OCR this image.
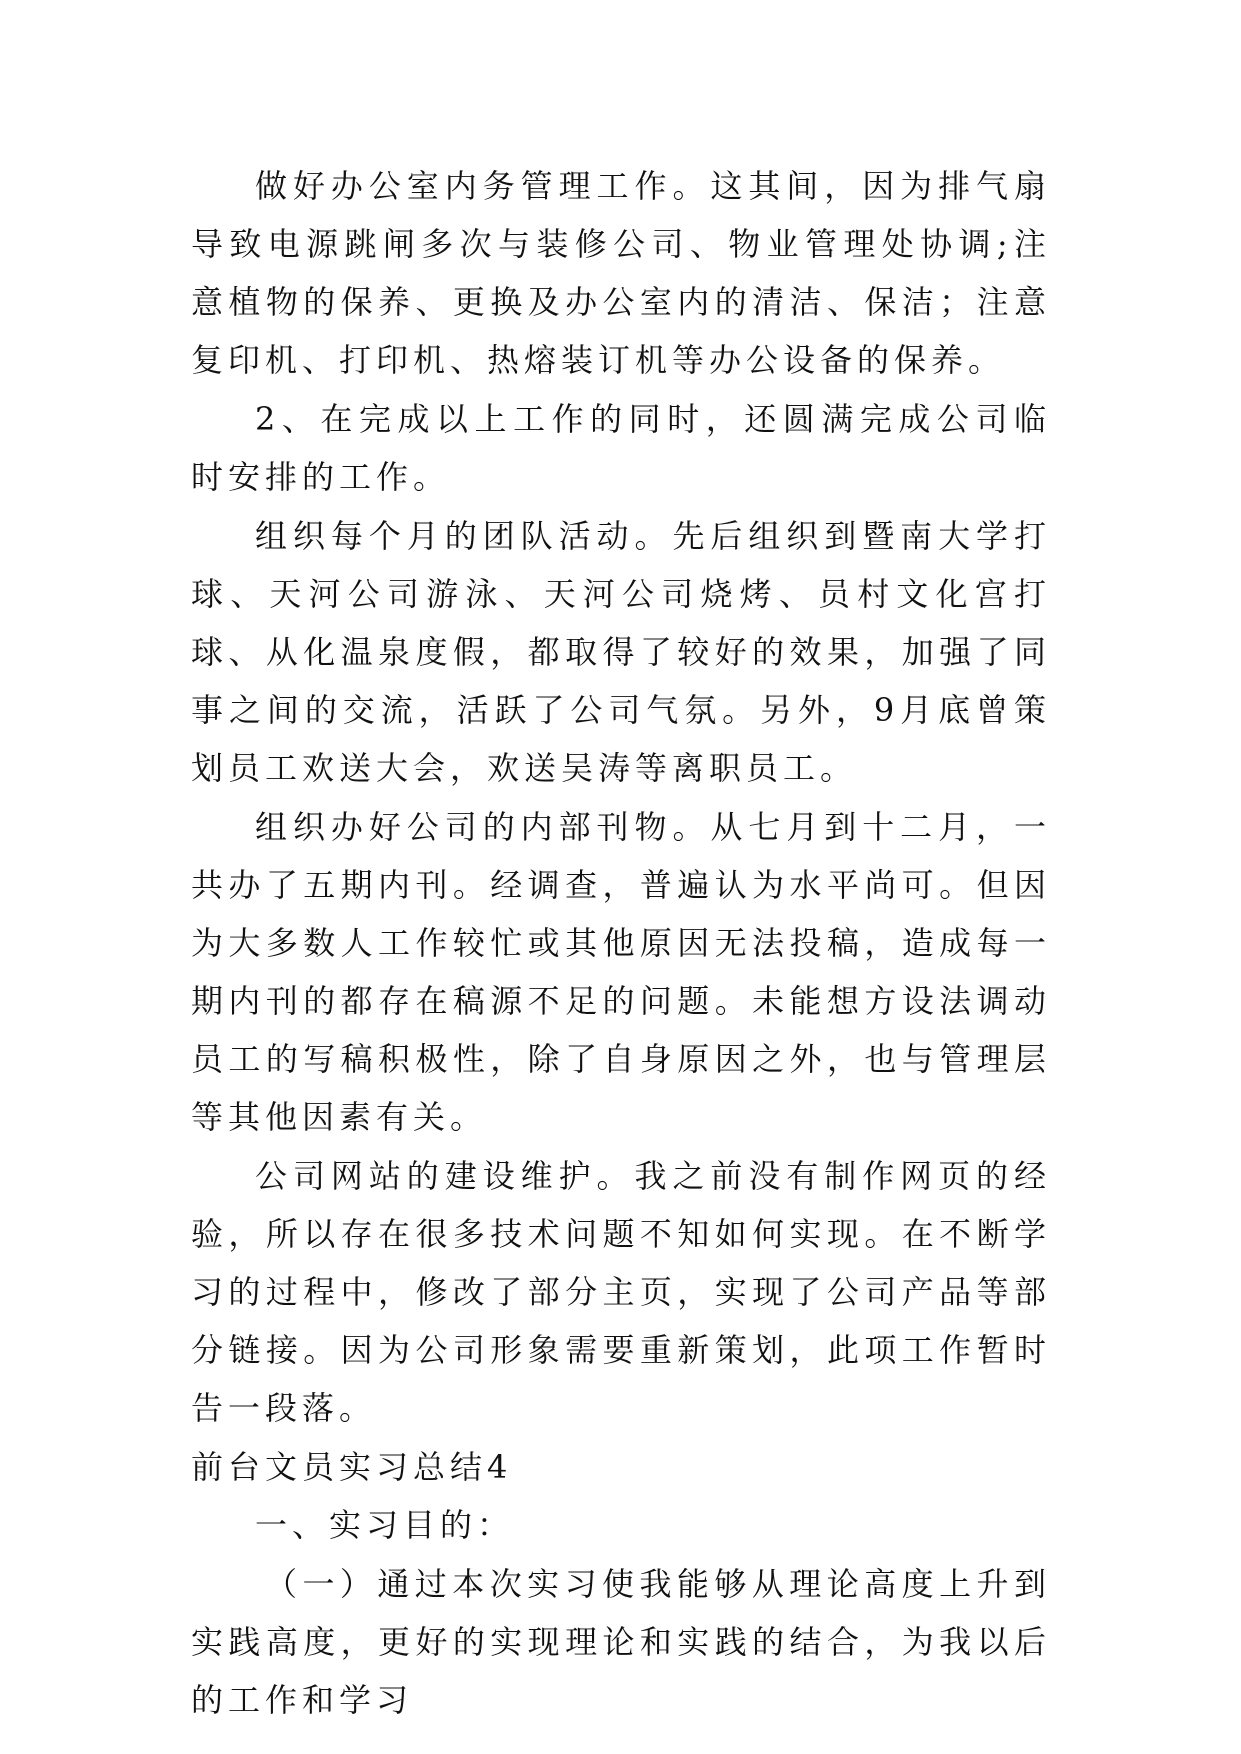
做好办公室内务管理工作。这其间，因为排气扇导致电源跳闸多次与装修公司、物业管理处协调;注意植物的保养、更换及办公室内的清洁、保洁；注意复印机、打印机、热熔装订机等办公设备的保养。

2、在完成以上工作的同时，还圆满完成公司临时安排的工作。

组织每个月的团队活动。先后组织到暨南大学打球、天河公司游泳、天河公司烧烤、员村文化宫打球、从化温泉度假，都取得了较好的效果，加强了同事之间的交流，活跃了公司气氛。另外，9月底曾策划员工欢送大会，欢送吴涛等离职员工。

组织办好公司的内部刊物。从七月到十二月，一共办了五期内刊。经调查，普遍认为水平尚可。但因为大多数人工作较忙或其他原因无法投稿，造成每一期内刊的都存在稿源不足的问题。未能想方设法调动员工的写稿积极性，除了自身原因之外，也与管理层等其他因素有关。

公司网站的建设维护。我之前没有制作网页的经验，所以存在很多技术问题不知如何实现。在不断学习的过程中，修改了部分主页，实现了公司产品等部分链接。因为公司形象需要重新策划，此项工作暂时告一段落。

前台文员实习总结4

一、实习目的：

（一）通过本次实习使我能够从理论高度上升到实践高度，更好的实现理论和实践的结合，为我以后的工作和学习
